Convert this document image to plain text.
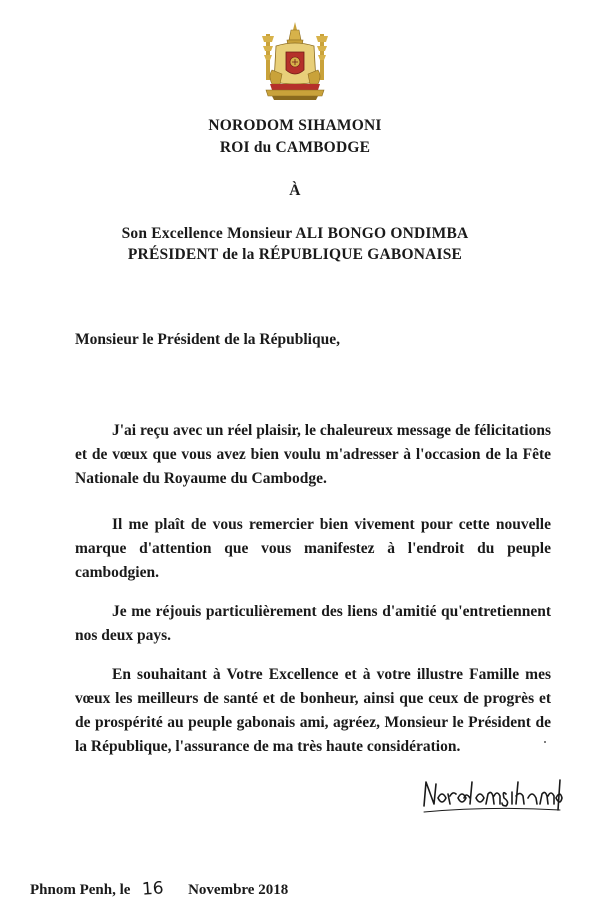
NORODOM SIHAMONI
ROI du CAMBODGE
À
Son Excellence Monsieur ALI BONGO ONDIMBA
PRÉSIDENT de la RÉPUBLIQUE GABONAISE
Monsieur le Président de la République,

J'ai reçu avec un réel plaisir, le chaleureux message de félicitations et de vœux que vous avez bien voulu m'adresser à l'occasion de la Fête Nationale du Royaume du Cambodge.

Il me plaît de vous remercier bien vivement pour cette nouvelle marque d'attention que vous manifestez à l'endroit du peuple cambodgien.

Je me réjouis particulièrement des liens d'amitié qu'entretiennent nos deux pays.

En souhaitant à Votre Excellence et à votre illustre Famille mes vœux les meilleurs de santé et de bonheur, ainsi que ceux de progrès et de prospérité au peuple gabonais ami, agréez, Monsieur le Président de la République, l'assurance de ma très haute considération.

Phnom Penh, le 16 Novembre 2018
